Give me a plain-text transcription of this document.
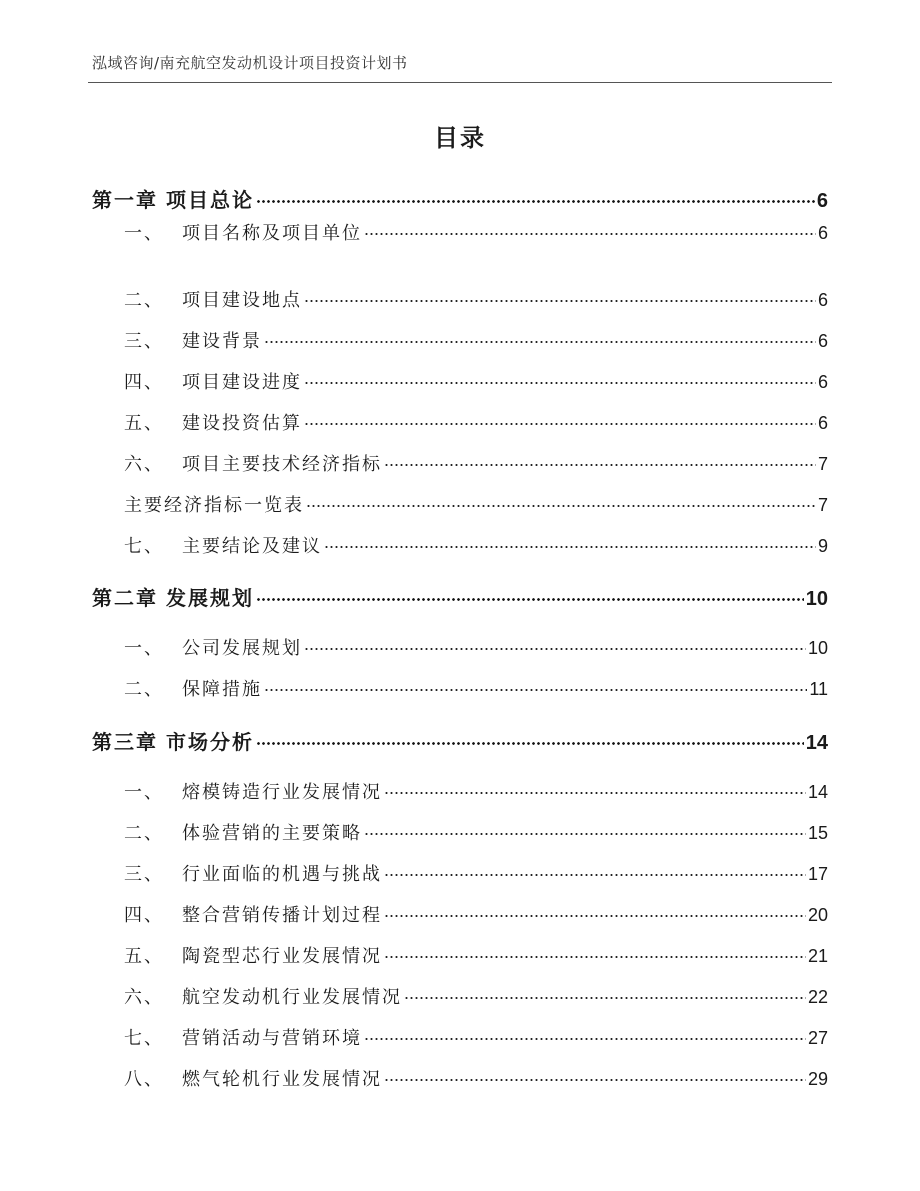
泓域咨询/南充航空发动机设计项目投资计划书
目录
第一章 项目总论	6
一、 项目名称及项目单位	6
二、 项目建设地点	6
三、 建设背景	6
四、 项目建设进度	6
五、 建设投资估算	6
六、 项目主要技术经济指标	7
主要经济指标一览表	7
七、 主要结论及建议	9
第二章 发展规划	10
一、 公司发展规划	10
二、 保障措施	11
第三章 市场分析	14
一、 熔模铸造行业发展情况	14
二、 体验营销的主要策略	15
三、 行业面临的机遇与挑战	17
四、 整合营销传播计划过程	20
五、 陶瓷型芯行业发展情况	21
六、 航空发动机行业发展情况	22
七、 营销活动与营销环境	27
八、 燃气轮机行业发展情况	29
